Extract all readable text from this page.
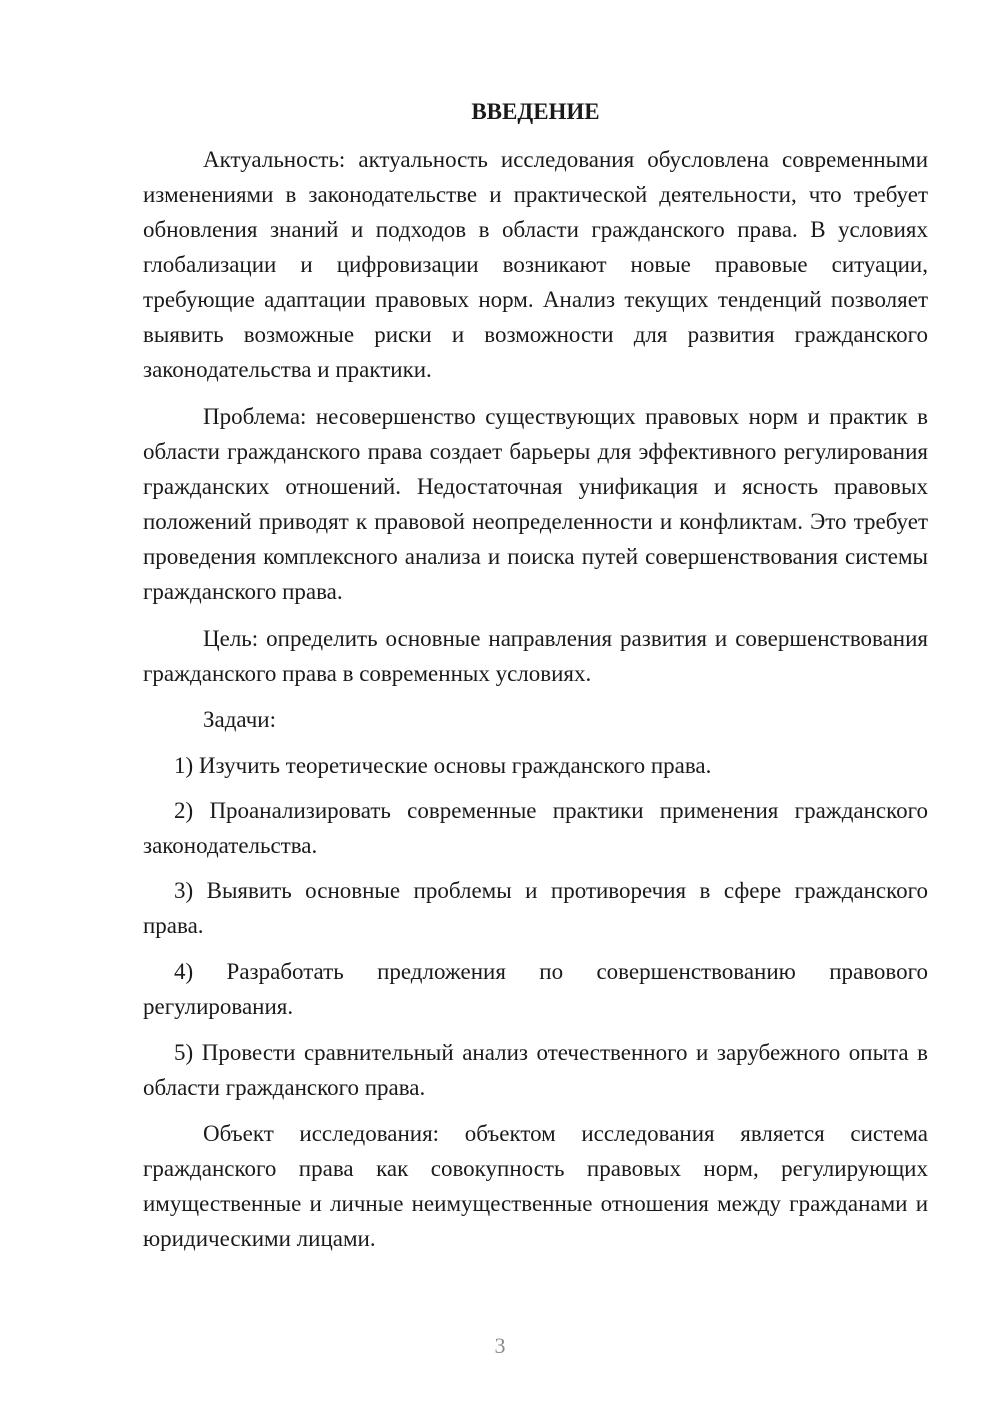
ВВЕДЕНИЕ

Актуальность: актуальность исследования обусловлена современными изменениями в законодательстве и практической деятельности, что требует обновления знаний и подходов в области гражданского права. В условиях глобализации и цифровизации возникают новые правовые ситуации, требующие адаптации правовых норм. Анализ текущих тенденций позволяет выявить возможные риски и возможности для развития гражданского законодательства и практики.

Проблема: несовершенство существующих правовых норм и практик в области гражданского права создает барьеры для эффективного регулирования гражданских отношений. Недостаточная унификация и ясность правовых положений приводят к правовой неопределенности и конфликтам. Это требует проведения комплексного анализа и поиска путей совершенствования системы гражданского права.

Цель: определить основные направления развития и совершенствования гражданского права в современных условиях.

Задачи:

1) Изучить теоретические основы гражданского права.

2) Проанализировать современные практики применения гражданского законодательства.

3) Выявить основные проблемы и противоречия в сфере гражданского права.

4) Разработать предложения по совершенствованию правового регулирования.

5) Провести сравнительный анализ отечественного и зарубежного опыта в области гражданского права.

Объект исследования: объектом исследования является система гражданского права как совокупность правовых норм, регулирующих имущественные и личные неимущественные отношения между гражданами и юридическими лицами.

3
